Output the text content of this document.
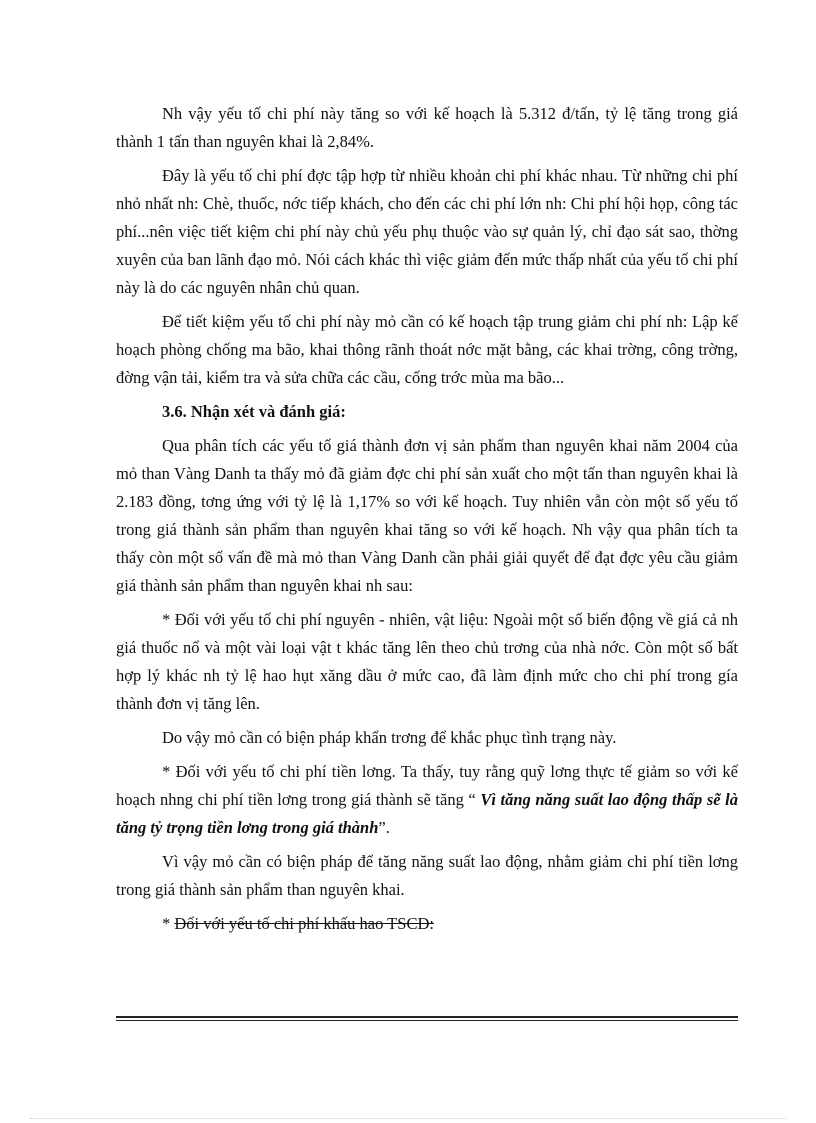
Nh vậy yếu tố chi phí này tăng so với kế hoạch là 5.312 đ/tấn, tỷ lệ tăng trong giá thành 1 tấn than nguyên khai là 2,84%.

Đây là yếu tố chi phí đợc tập hợp từ nhiều khoản chi phí khác nhau. Từ những chi phí nhỏ nhất nh: Chè, thuốc, nớc tiếp khách, cho đến các chi phí lớn nh: Chi phí hội họp, công tác phí...nên việc tiết kiệm chi phí này chủ yếu phụ thuộc vào sự quản lý, chỉ đạo sát sao, thờng xuyên của ban lãnh đạo mỏ. Nói cách khác thì việc giảm đến mức thấp nhất của yếu tố chi phí này là do các nguyên nhân chủ quan.

Để tiết kiệm yếu tố chi phí này mỏ cần có kế hoạch tập trung giảm chi phí nh: Lập kế hoạch phòng chống ma bão, khai thông rãnh thoát nớc mặt bằng, các khai trờng, công trờng, đờng vận tải, kiểm tra và sửa chữa các cầu, cống trớc mùa ma bão...

3.6. Nhận xét và đánh giá:

Qua phân tích các yếu tố giá thành đơn vị sản phẩm than nguyên khai năm 2004 của mỏ than Vàng Danh ta thấy mỏ đã giảm đợc chi phí sản xuất cho một tấn than nguyên khai là 2.183 đồng, tơng ứng với tỷ lệ là 1,17% so với kế hoạch. Tuy nhiên vẫn còn một số yếu tố trong giá thành sản phẩm than nguyên khai tăng so với kế hoạch. Nh vậy qua phân tích ta thấy còn một số vấn đề mà mỏ than Vàng Danh cần phải giải quyết để đạt đợc yêu cầu giảm giá thành sản phẩm than nguyên khai nh sau:

* Đối với yếu tố chi phí nguyên - nhiên, vật liệu: Ngoài một số biến động về giá cả nh giá thuốc nổ và một vài loại vật t khác tăng lên theo chủ trơng của nhà nớc. Còn một số bất hợp lý khác nh tỷ lệ hao hụt xăng dầu ở mức cao, đã làm định mức cho chi phí trong gía thành đơn vị tăng lên.

Do vậy mỏ cần có biện pháp khẩn trơng để khắc phục tình trạng này.

* Đối với yếu tố chi phí tiền lơng. Ta thấy, tuy rằng quỹ lơng thực tế giảm so với kế hoạch nhng chi phí tiền lơng trong giá thành sẽ tăng “ Vì tăng năng suất lao động thấp sẽ là tăng tỷ trọng tiền lơng trong giá thành”.

Vì vậy mỏ cần có biện pháp để tăng năng suất lao động, nhằm giảm chi phí tiền lơng trong giá thành sản phẩm than nguyên khai.

* Đối với yếu tố chi phí khấu hao TSCĐ:
